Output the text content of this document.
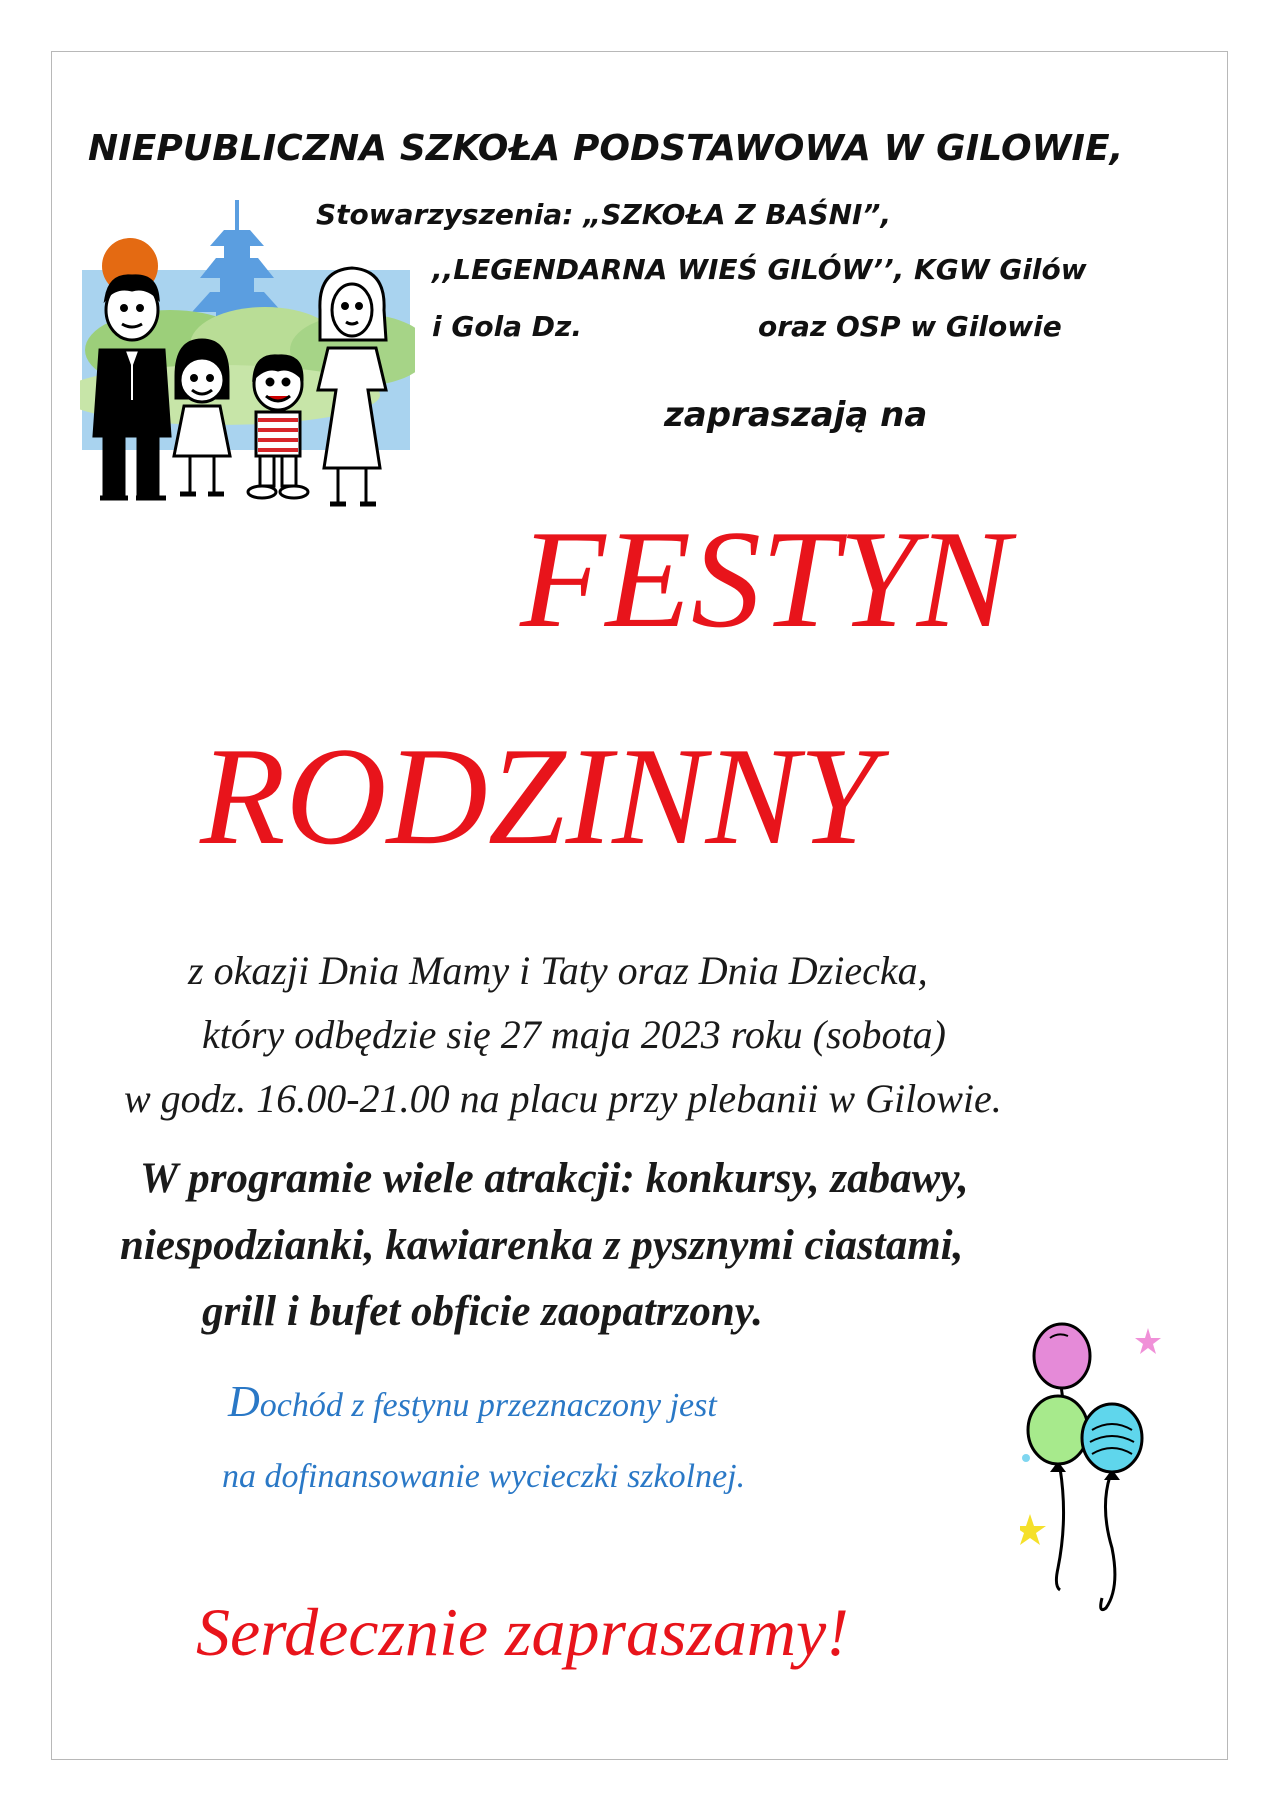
NIEPUBLICZNA SZKOŁA PODSTAWOWA W GILOWIE,
Stowarzyszenia: „SZKOŁA Z BAŚNI”,
,,LEGENDARNA WIEŚ GILÓW’’, KGW Gilów
i Gola Dz.	oraz OSP w Gilowie
zapraszają na
FESTYN
RODZINNY
z okazji Dnia Mamy i Taty oraz Dnia Dziecka,
który odbędzie się 27 maja 2023 roku (sobota)
w godz. 16.00-21.00 na placu przy plebanii w Gilowie.
W programie wiele atrakcji: konkursy, zabawy,
niespodzianki, kawiarenka z pysznymi ciastami,
grill i bufet obficie zaopatrzony.
Dochód z festynu przeznaczony jest
na dofinansowanie wycieczki szkolnej.
Serdecznie zapraszamy!
